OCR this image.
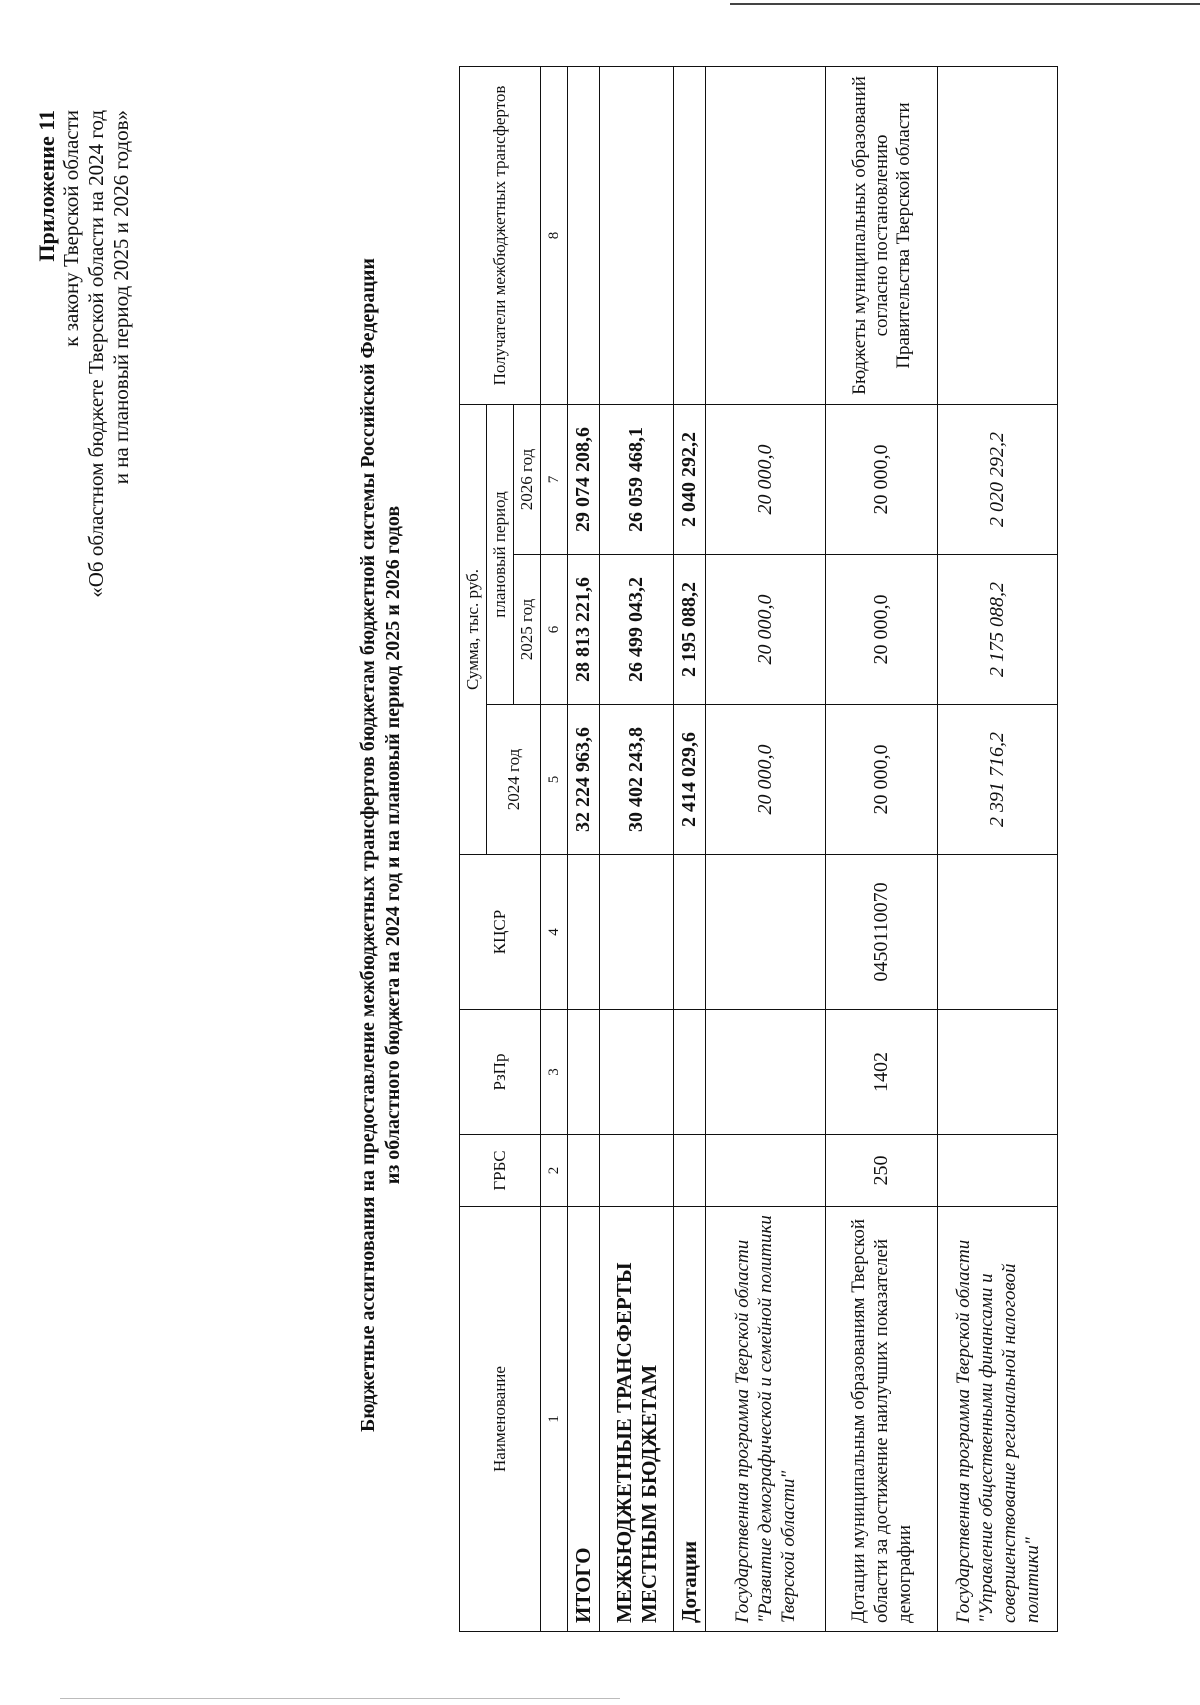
Приложение 11 к закону Тверской области «Об областном бюджете Тверской области на 2024 год и на плановый период 2025 и 2026 годов»	Бюджетные ассигнования на предоставление межбюджетных трансфертов бюджетам бюджетной системы Российской Федерации из областного бюджета на 2024 год и на плановый период 2025 и 2026 годов
Наименование	ГРБС	РзПр	КЦСР	Сумма, тыс. руб.			Получатели межбюджетных трансфертов
				2024 год	плановый период		
					2025 год	2026 год	
1	2	3	4	5	6	7	8
ИТОГО				32 224 963,6	28 813 221,6	29 074 208,6	
МЕЖБЮДЖЕТНЫЕ ТРАНСФЕРТЫ МЕСТНЫМ БЮДЖЕТАМ				30 402 243,8	26 499 043,2	26 059 468,1	
Дотации				2 414 029,6	2 195 088,2	2 040 292,2	
Государственная программа Тверской области "Развитие демографической и семейной политики Тверской области"				20 000,0	20 000,0	20 000,0	
Дотации муниципальным образованиям Тверской области за достижение наилучших показателей демографии	250	1402	0450110070	20 000,0	20 000,0	20 000,0	Бюджеты муниципальных образований согласно постановлению Правительства Тверской области
Государственная программа Тверской области "Управление общественными финансами и совершенствование региональной налоговой политики"				2 391 716,2	2 175 088,2	2 020 292,2	
